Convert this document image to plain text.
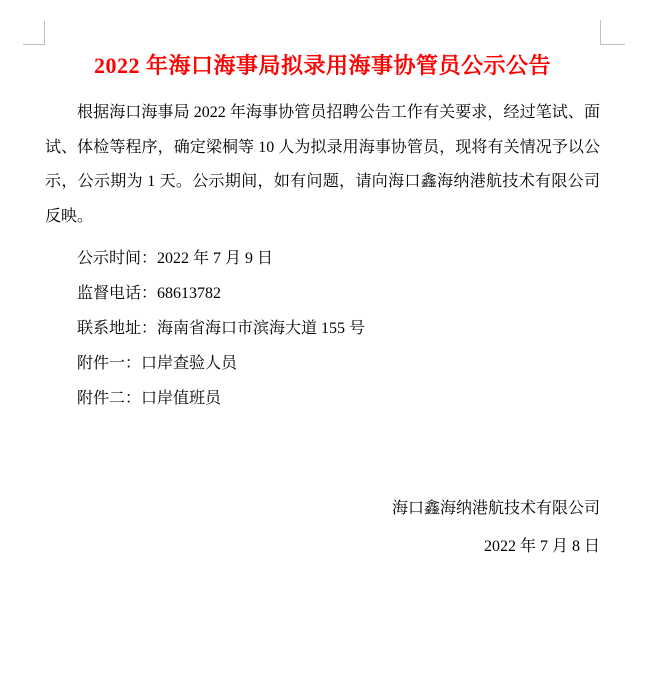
2022 年海口海事局拟录用海事协管员公示公告
根据海口海事局 2022 年海事协管员招聘公告工作有关要求，经过笔试、面试、体检等程序，确定梁桐等 10 人为拟录用海事协管员，现将有关情况予以公示，公示期为 1 天。公示期间，如有问题，请向海口鑫海纳港航技术有限公司反映。
公示时间：2022 年 7 月 9 日
监督电话：68613782
联系地址：海南省海口市滨海大道 155 号
附件一：口岸查验人员
附件二：口岸值班员
海口鑫海纳港航技术有限公司
2022 年 7 月 8 日
